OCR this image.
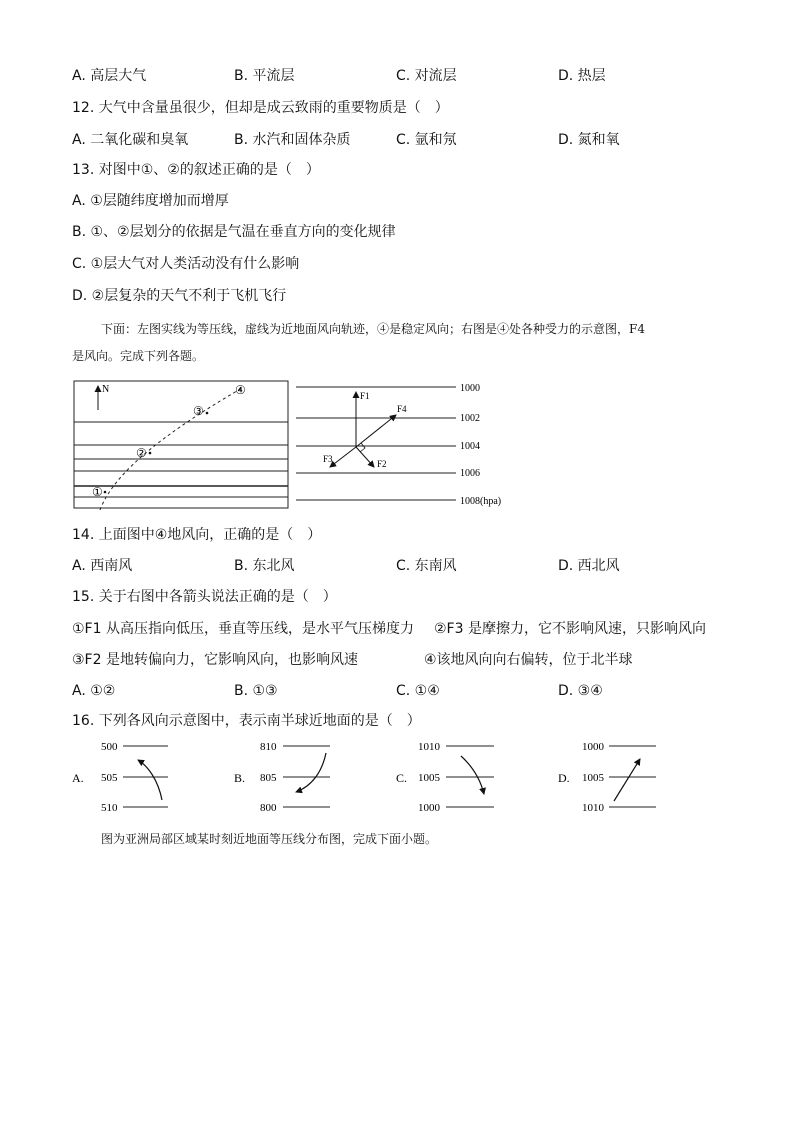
A. 高层大气	B. 平流层	C. 对流层	D. 热层
12. 大气中含量虽很少，但却是成云致雨的重要物质是（　）
A. 二氧化碳和臭氧	B. 水汽和固体杂质	C. 氩和氖	D. 氮和氧
13. 对图中①、②的叙述正确的是（　）
A. ①层随纬度增加而增厚
B. ①、②层划分的依据是气温在垂直方向的变化规律
C. ①层大气对人类活动没有什么影响
D. ②层复杂的天气不利于飞机飞行
下面：左图实线为等压线，虚线为近地面风向轨迹，④是稳定风向；右图是④处各种受力的示意图，F4
是风向。完成下列各题。
N
①
②
③
④	1000
1002
1004
1006
1008(hpa)
F1
F2
F3
F4
14. 上面图中④地风向，正确的是（　）
A. 西南风	B. 东北风	C. 东南风	D. 西北风
15. 关于右图中各箭头说法正确的是（　）
①F1 从高压指向低压，垂直等压线，是水平气压梯度力 ②F3 是摩擦力，它不影响风速，只影响风向
③F2 是地转偏向力，它影响风向，也影响风速	④该地风向向右偏转，位于北半球
A. ①②	B. ①③	C. ①④	D. ③④
16. 下列各风向示意图中，表示南半球近地面的是（　）
A.
500
505
510
B.
810
805
800
C.
1010
1005
1000
D.
1000
1005
1010
图为亚洲局部区域某时刻近地面等压线分布图，完成下面小题。
